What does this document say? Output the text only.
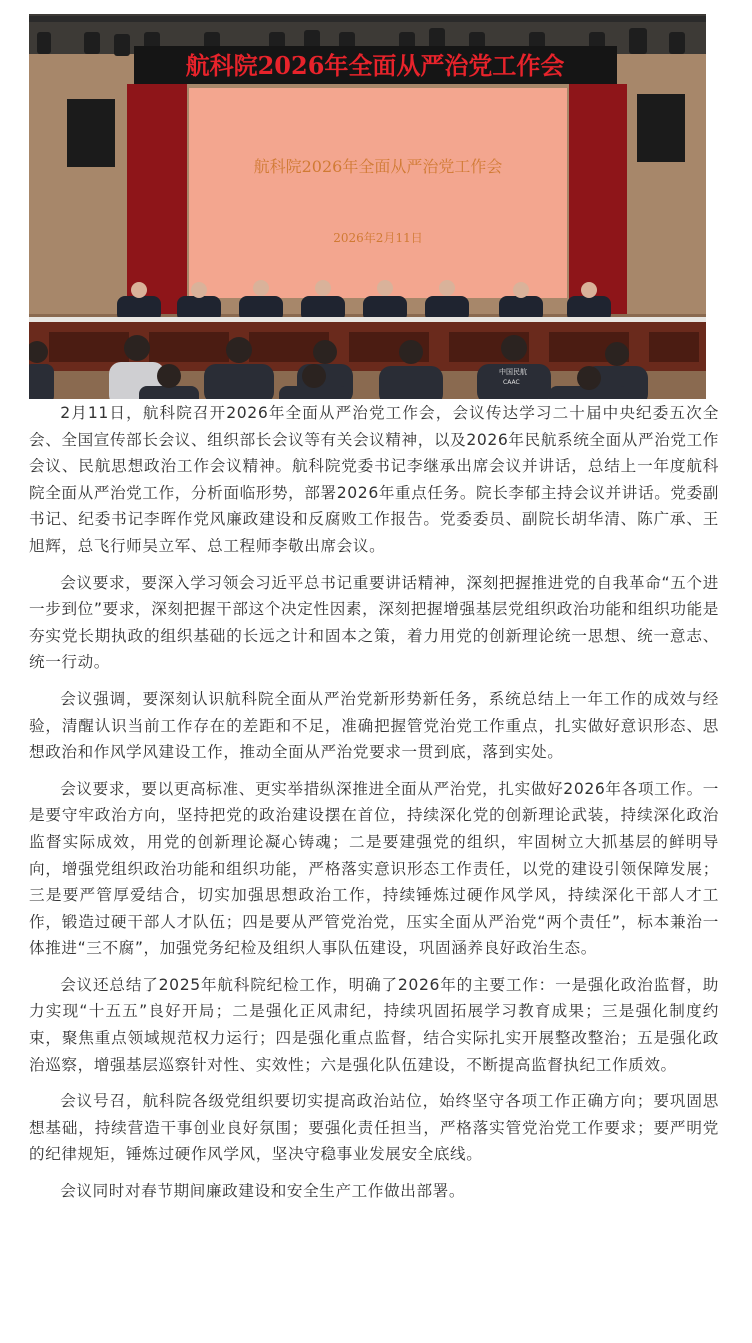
航科院2026年全面从严治党工作会
航科院2026年全面从严治党工作会
2026年2月11日
中国民航
CAAC

2月11日，航科院召开2026年全面从严治党工作会，会议传达学习二十届中央纪委五次全会、全国宣传部长会议、组织部长会议等有关会议精神，以及2026年民航系统全面从严治党工作会议、民航思想政治工作会议精神。航科院党委书记李继承出席会议并讲话，总结上一年度航科院全面从严治党工作，分析面临形势，部署2026年重点任务。院长李郁主持会议并讲话。党委副书记、纪委书记李晖作党风廉政建设和反腐败工作报告。党委委员、副院长胡华清、陈广承、王旭辉，总飞行师吴立军、总工程师李敬出席会议。

会议要求，要深入学习领会习近平总书记重要讲话精神，深刻把握推进党的自我革命“五个进一步到位”要求，深刻把握干部这个决定性因素，深刻把握增强基层党组织政治功能和组织功能是夯实党长期执政的组织基础的长远之计和固本之策，着力用党的创新理论统一思想、统一意志、统一行动。

会议强调，要深刻认识航科院全面从严治党新形势新任务，系统总结上一年工作的成效与经验，清醒认识当前工作存在的差距和不足，准确把握管党治党工作重点，扎实做好意识形态、思想政治和作风学风建设工作，推动全面从严治党要求一贯到底，落到实处。

会议要求，要以更高标准、更实举措纵深推进全面从严治党，扎实做好2026年各项工作。一是要守牢政治方向，坚持把党的政治建设摆在首位，持续深化党的创新理论武装，持续深化政治监督实际成效，用党的创新理论凝心铸魂；二是要建强党的组织，牢固树立大抓基层的鲜明导向，增强党组织政治功能和组织功能，严格落实意识形态工作责任，以党的建设引领保障发展；三是要严管厚爱结合，切实加强思想政治工作，持续锤炼过硬作风学风，持续深化干部人才工作，锻造过硬干部人才队伍；四是要从严管党治党，压实全面从严治党“两个责任”，标本兼治一体推进“三不腐”，加强党务纪检及组织人事队伍建设，巩固涵养良好政治生态。

会议还总结了2025年航科院纪检工作，明确了2026年的主要工作：一是强化政治监督，助力实现“十五五”良好开局；二是强化正风肃纪，持续巩固拓展学习教育成果；三是强化制度约束，聚焦重点领域规范权力运行；四是强化重点监督，结合实际扎实开展整改整治；五是强化政治巡察，增强基层巡察针对性、实效性；六是强化队伍建设，不断提高监督执纪工作质效。

会议号召，航科院各级党组织要切实提高政治站位，始终坚守各项工作正确方向；要巩固思想基础，持续营造干事创业良好氛围；要强化责任担当，严格落实管党治党工作要求；要严明党的纪律规矩，锤炼过硬作风学风，坚决守稳事业发展安全底线。

会议同时对春节期间廉政建设和安全生产工作做出部署。
